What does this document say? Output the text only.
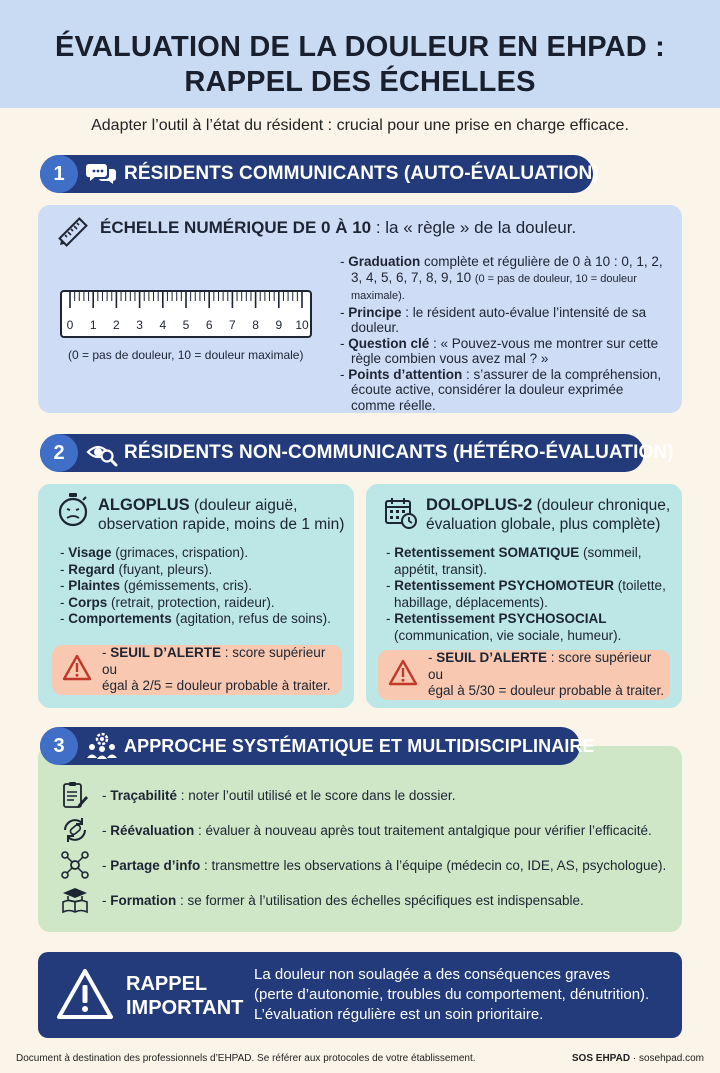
ÉVALUATION DE LA DOULEUR EN EHPAD :
RAPPEL DES ÉCHELLES
Adapter l’outil à l’état du résident : crucial pour une prise en charge efficace.
1	RÉSIDENTS COMMUNICANTS (AUTO-ÉVALUATION)
ÉCHELLE NUMÉRIQUE DE 0 À 10 : la « règle » de la douleur.
0 1 2 3 4 5 6 7 8 9 10
(0 = pas de douleur, 10 = douleur maximale)
- Graduation complète et régulière de 0 à 10 : 0, 1, 2, 3, 4, 5, 6, 7, 8, 9, 10 (0 = pas de douleur, 10 = douleur maximale).
- Principe : le résident auto-évalue l’intensité de sa douleur.
- Question clé : « Pouvez-vous me montrer sur cette règle combien vous avez mal ? »
- Points d’attention : s’assurer de la compréhension, écoute active, considérer la douleur exprimée comme réelle.
2	RÉSIDENTS NON-COMMUNICANTS (HÉTÉRO-ÉVALUATION)
ALGOPLUS (douleur aiguë,
observation rapide, moins de 1 min)
- Visage (grimaces, crispation).
- Regard (fuyant, pleurs).
- Plaintes (gémissements, cris).
- Corps (retrait, protection, raideur).
- Comportements (agitation, refus de soins).
- SEUIL D’ALERTE : score supérieur ou
égal à 2/5 = douleur probable à traiter.
DOLOPLUS-2 (douleur chronique,
évaluation globale, plus complète)
- Retentissement SOMATIQUE (sommeil, appétit, transit).
- Retentissement PSYCHOMOTEUR (toilette, habillage, déplacements).
- Retentissement PSYCHOSOCIAL (communication, vie sociale, humeur).
- SEUIL D’ALERTE : score supérieur ou
égal à 5/30 = douleur probable à traiter.
3	APPROCHE SYSTÉMATIQUE ET MULTIDISCIPLINAIRE
- Traçabilité : noter l’outil utilisé et le score dans le dossier.
- Réévaluation : évaluer à nouveau après tout traitement antalgique pour vérifier l’efficacité.
- Partage d’info : transmettre les observations à l’équipe (médecin co, IDE, AS, psychologue).
- Formation : se former à l’utilisation des échelles spécifiques est indispensable.
RAPPEL
IMPORTANT
La douleur non soulagée a des conséquences graves
(perte d’autonomie, troubles du comportement, dénutrition).
L’évaluation régulière est un soin prioritaire.
Document à destination des professionnels d’EHPAD. Se référer aux protocoles de votre établissement.	SOS EHPAD · sosehpad.com
